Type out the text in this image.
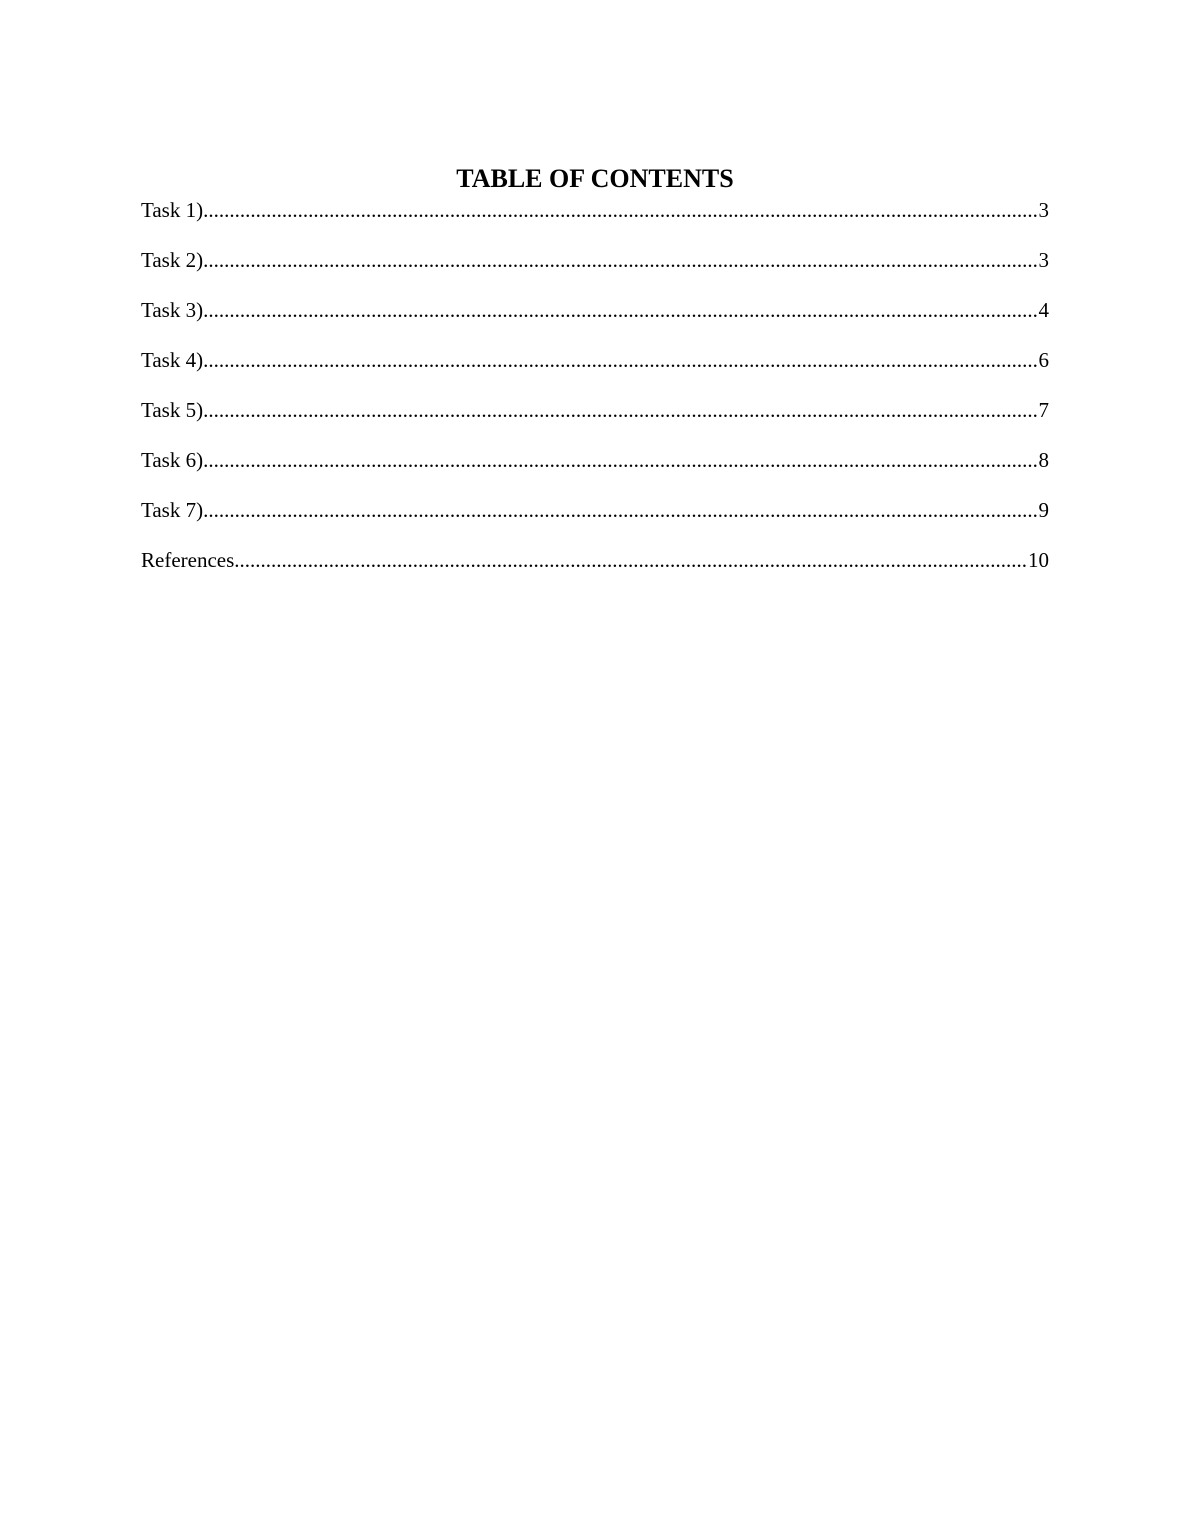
TABLE OF CONTENTS
Task 1) .....	3
Task 2) .....	3
Task 3) .....	4
Task 4) .....	6
Task 5) .....	7
Task 6) .....	8
Task 7) .....	9
References .....	10
